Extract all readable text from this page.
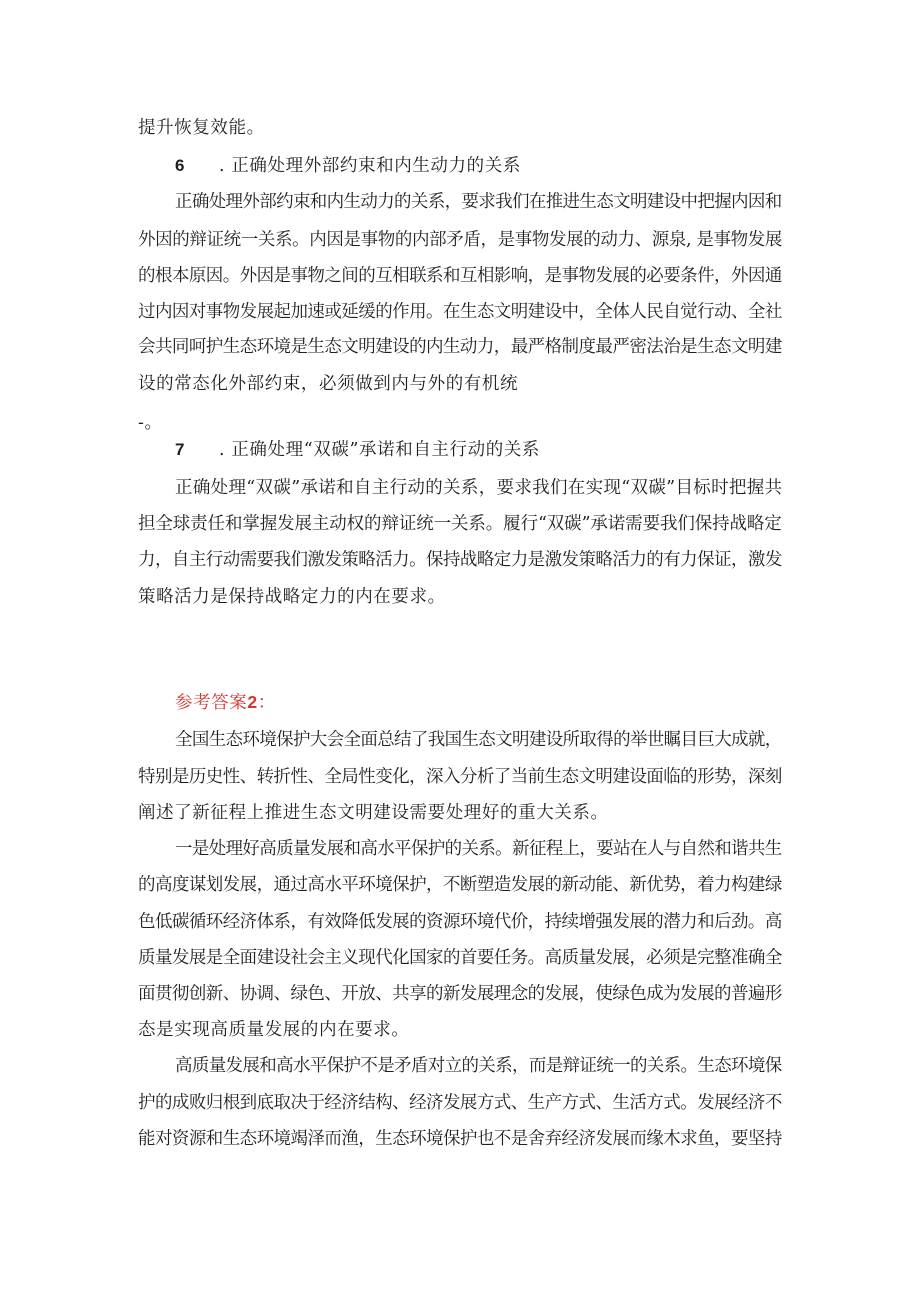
提升恢复效能。
6 . 正确处理外部约束和内生动力的关系
正确处理外部约束和内生动力的关系，要求我们在推进生态文明建设中把握内因和
外因的辩证统一关系。内因是事物的内部矛盾，是事物发展的动力、源泉, 是事物发展
的根本原因。外因是事物之间的互相联系和互相影响，是事物发展的必要条件，外因通
过内因对事物发展起加速或延缓的作用。在生态文明建设中，全体人民自觉行动、全社
会共同呵护生态环境是生态文明建设的内生动力，最严格制度最严密法治是生态文明建
设的常态化外部约束，必须做到内与外的有机统
-。
7 . 正确处理“双碳”承诺和自主行动的关系
正确处理“双碳”承诺和自主行动的关系，要求我们在实现“双碳”目标时把握共
担全球责任和掌握发展主动权的辩证统一关系。履行“双碳”承诺需要我们保持战略定
力，自主行动需要我们激发策略活力。保持战略定力是激发策略活力的有力保证，激发
策略活力是保持战略定力的内在要求。
参考答案2：
全国生态环境保护大会全面总结了我国生态文明建设所取得的举世瞩目巨大成就，
特别是历史性、转折性、全局性变化，深入分析了当前生态文明建设面临的形势，深刻
阐述了新征程上推进生态文明建设需要处理好的重大关系。
一是处理好高质量发展和高水平保护的关系。新征程上，要站在人与自然和谐共生
的高度谋划发展，通过高水平环境保护，不断塑造发展的新动能、新优势，着力构建绿
色低碳循环经济体系，有效降低发展的资源环境代价，持续增强发展的潜力和后劲。高
质量发展是全面建设社会主义现代化国家的首要任务。高质量发展，必须是完整准确全
面贯彻创新、协调、绿色、开放、共享的新发展理念的发展，使绿色成为发展的普遍形
态是实现高质量发展的内在要求。
高质量发展和高水平保护不是矛盾对立的关系，而是辩证统一的关系。生态环境保
护的成败归根到底取决于经济结构、经济发展方式、生产方式、生活方式。发展经济不
能对资源和生态环境竭泽而渔，生态环境保护也不是舍弃经济发展而缘木求鱼，要坚持
